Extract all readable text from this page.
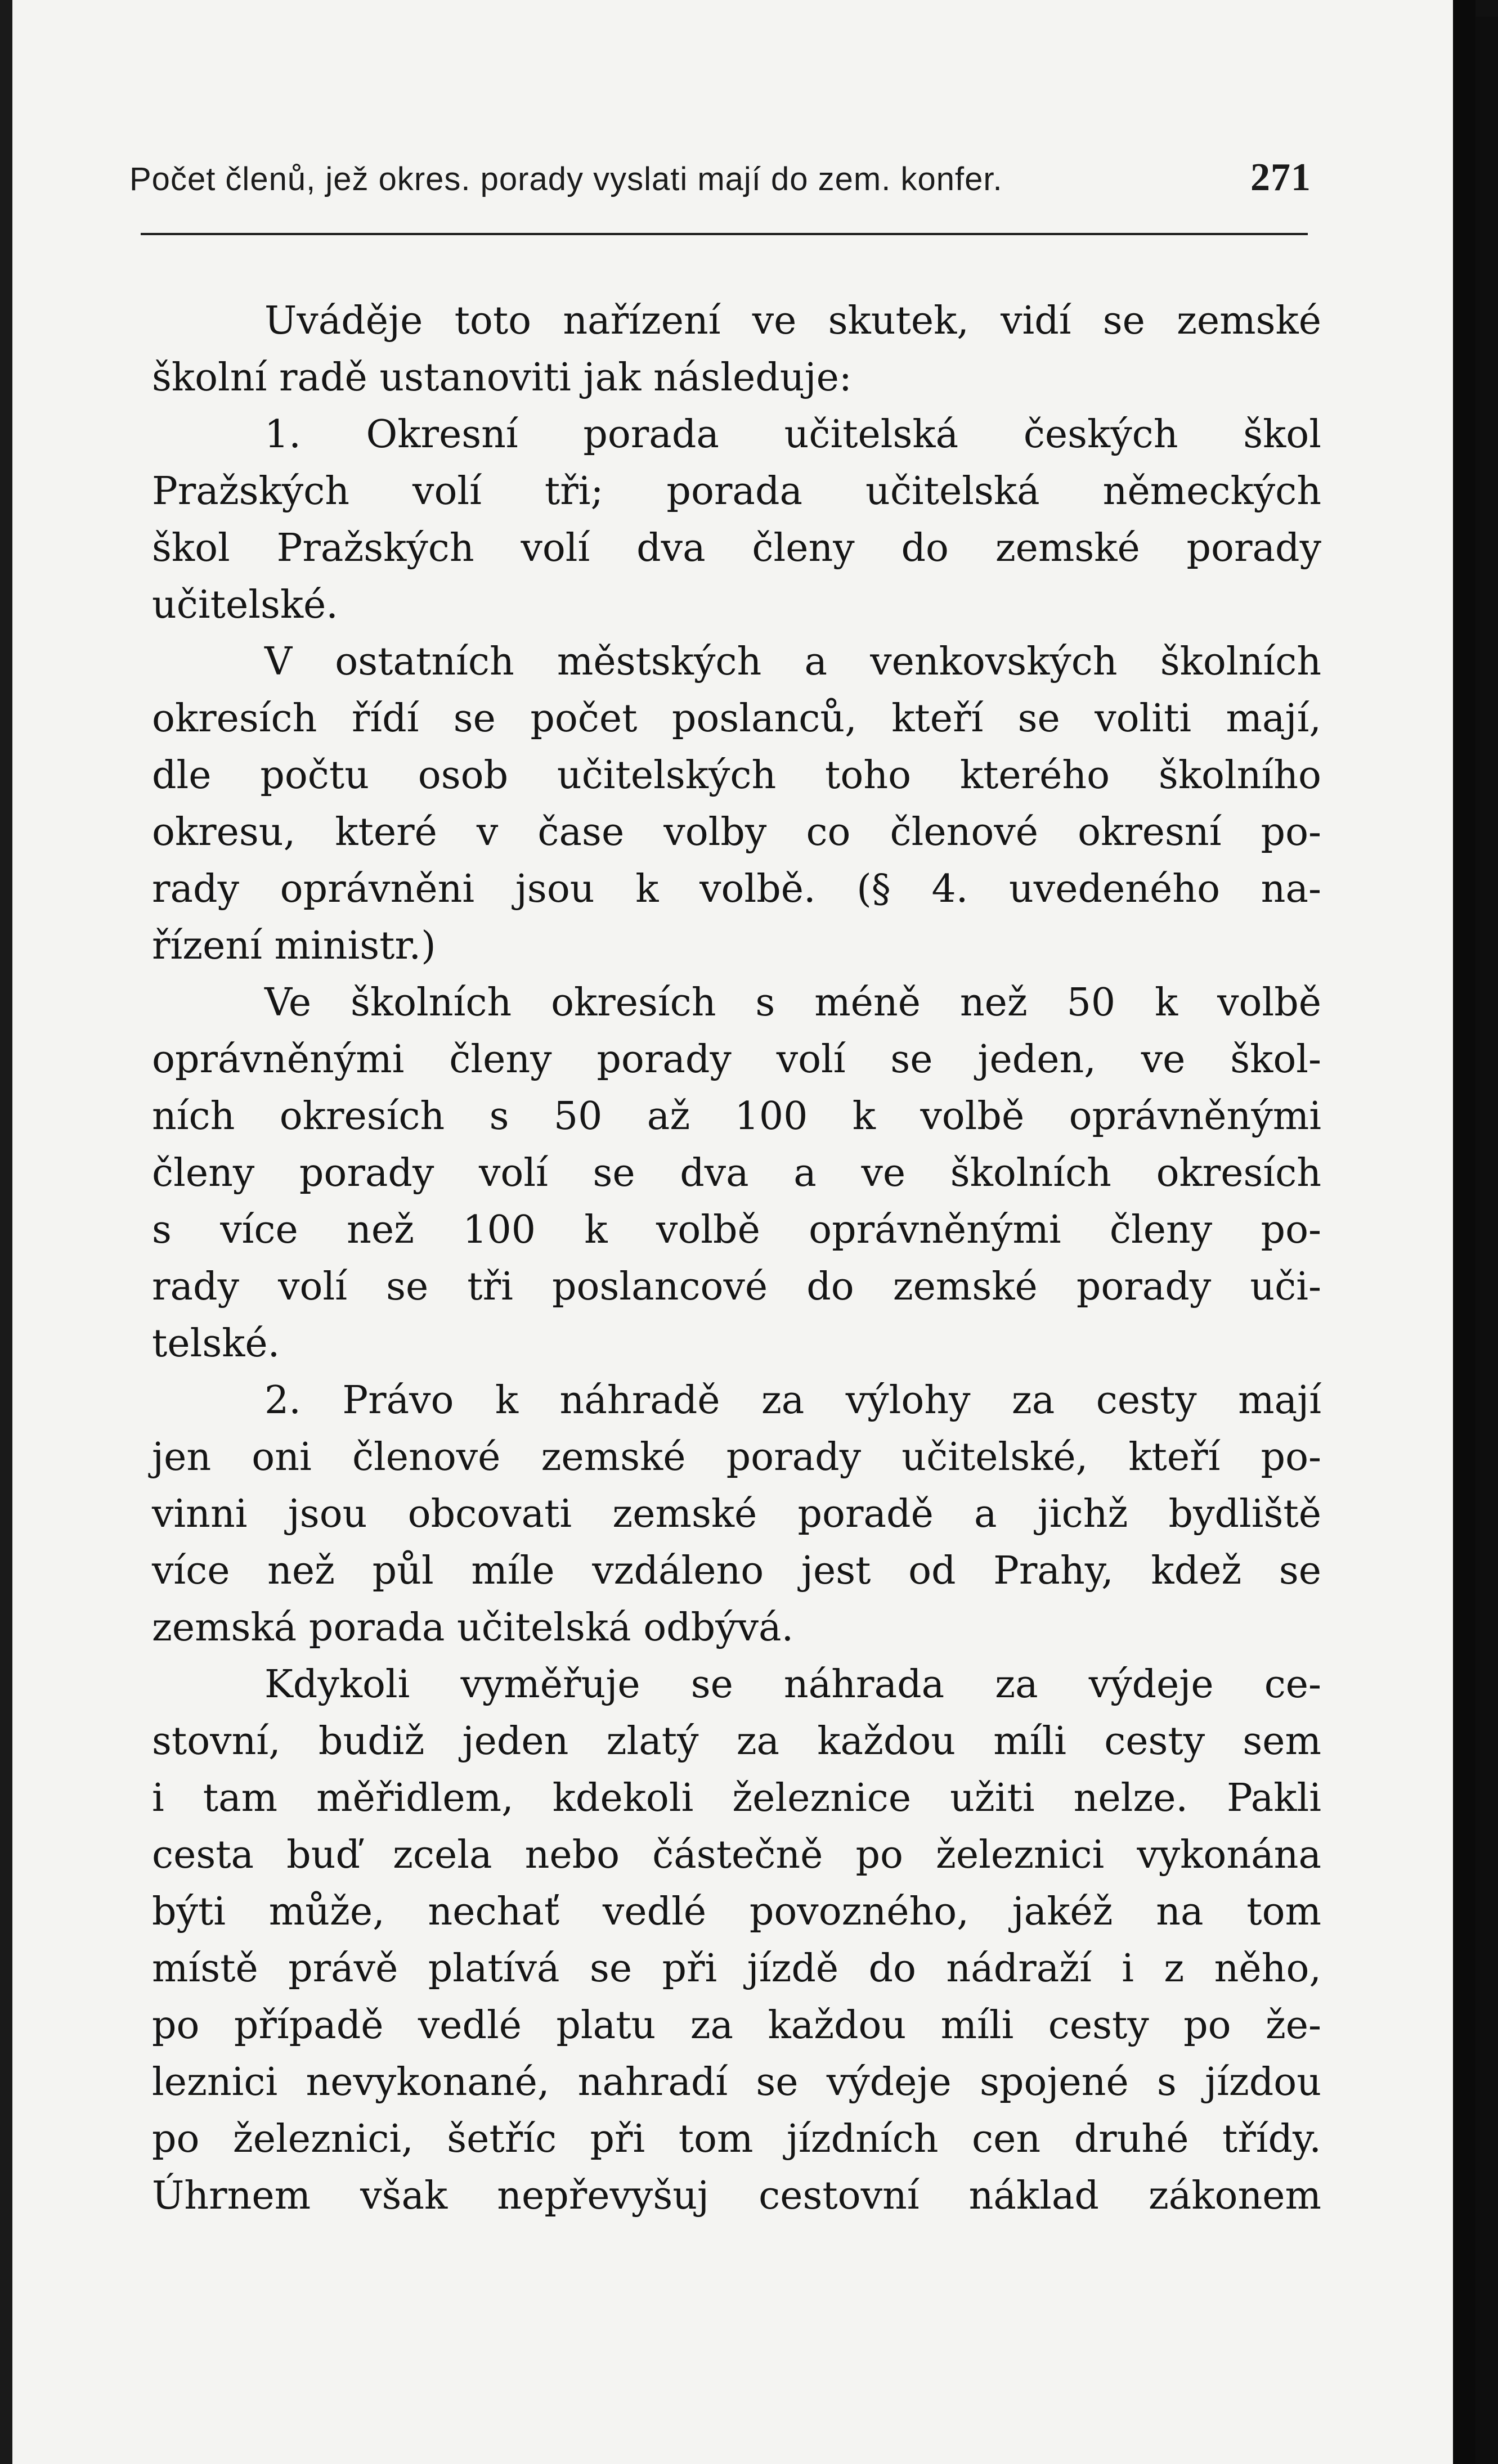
Počet členů, jež okres. porady vyslati mají do zem. konfer.	271
Uváděje toto nařízení ve skutek, vidí se zemské
školní radě ustanoviti jak následuje:
1. Okresní porada učitelská českých škol
Pražských volí tři; porada učitelská německých
škol Pražských volí dva členy do zemské porady
učitelské.
V ostatních městských a venkovských školních
okresích řídí se počet poslanců, kteří se voliti mají,
dle počtu osob učitelských toho kterého školního
okresu, které v čase volby co členové okresní po-
rady oprávněni jsou k volbě. (§ 4. uvedeného na-
řízení ministr.)
Ve školních okresích s méně než 50 k volbě
oprávněnými členy porady volí se jeden, ve škol-
ních okresích s 50 až 100 k volbě oprávněnými
členy porady volí se dva a ve školních okresích
s více než 100 k volbě oprávněnými členy po-
rady volí se tři poslancové do zemské porady uči-
telské.
2. Právo k náhradě za výlohy za cesty mají
jen oni členové zemské porady učitelské, kteří po-
vinni jsou obcovati zemské poradě a jichž bydliště
více než půl míle vzdáleno jest od Prahy, kdež se
zemská porada učitelská odbývá.
Kdykoli vyměřuje se náhrada za výdeje ce-
stovní, budiž jeden zlatý za každou míli cesty sem
i tam měřidlem, kdekoli železnice užiti nelze. Pakli
cesta buď zcela nebo částečně po železnici vykonána
býti může, nechať vedlé povozného, jakéž na tom
místě právě platívá se při jízdě do nádraží i z něho,
po případě vedlé platu za každou míli cesty po že-
leznici nevykonané, nahradí se výdeje spojené s jízdou
po železnici, šetříc při tom jízdních cen druhé třídy.
Úhrnem však nepřevyšuj cestovní náklad zákonem
